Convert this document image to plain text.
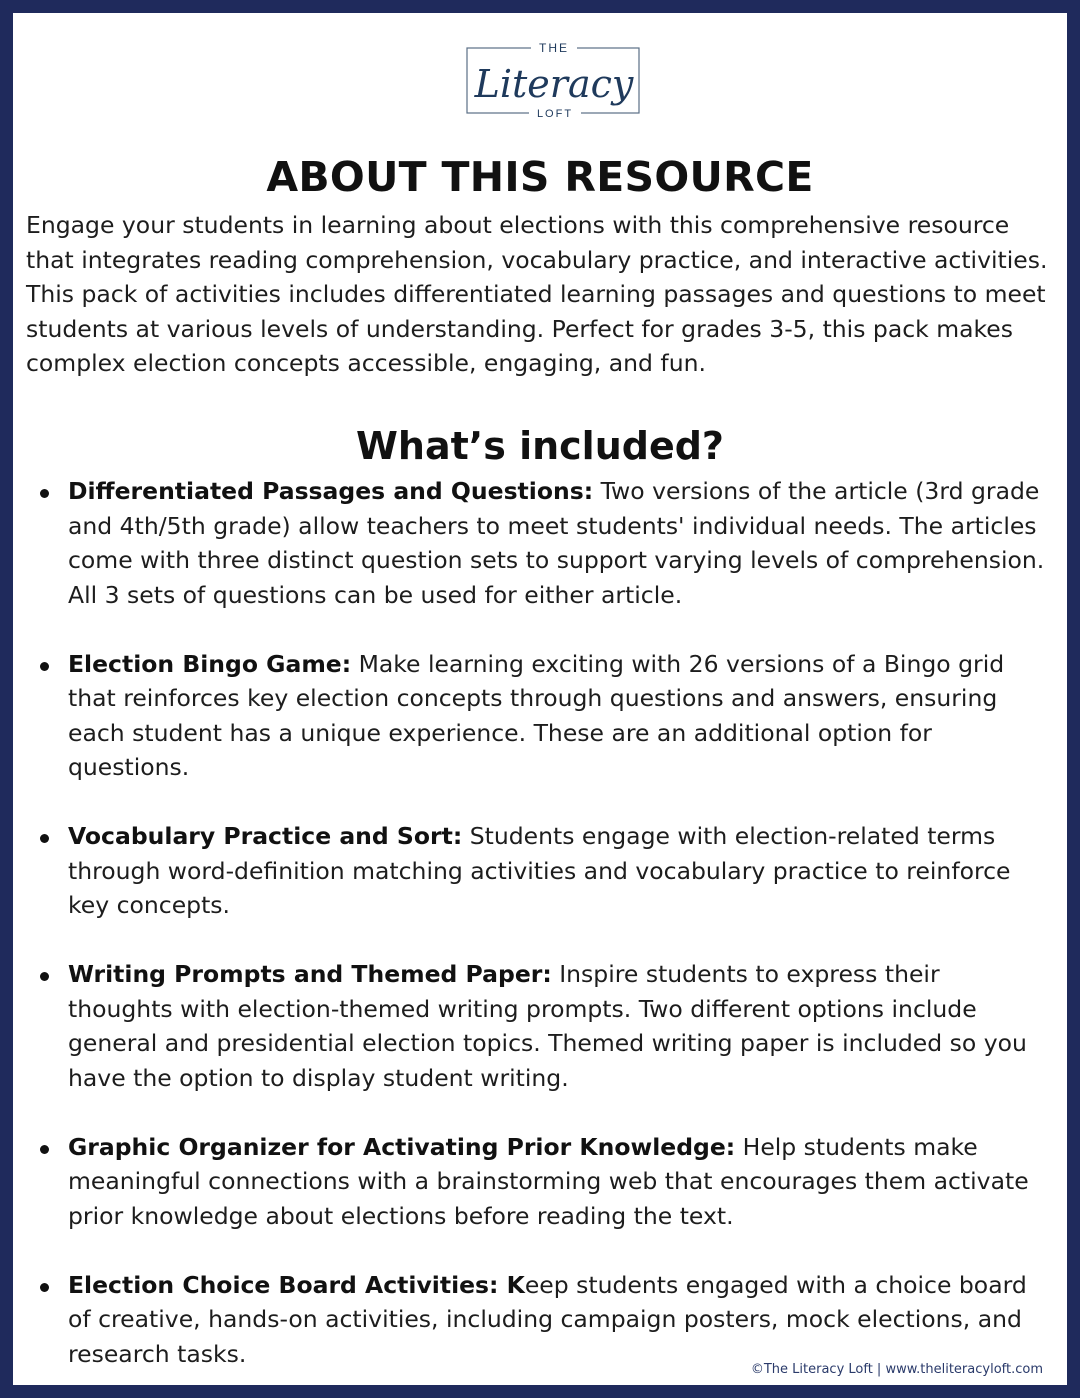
THE
Literacy
LOFT
ABOUT THIS RESOURCE

Engage your students in learning about elections with this comprehensive resource that integrates reading comprehension, vocabulary practice, and interactive activities. This pack of activities includes differentiated learning passages and questions to meet students at various levels of understanding. Perfect for grades 3-5, this pack makes complex election concepts accessible, engaging, and fun.

What’s included?
Differentiated Passages and Questions: Two versions of the article (3rd grade and 4th/5th grade) allow teachers to meet students' individual needs. The articles come with three distinct question sets to support varying levels of comprehension. All 3 sets of questions can be used for either article.
Election Bingo Game: Make learning exciting with 26 versions of a Bingo grid that reinforces key election concepts through questions and answers, ensuring each student has a unique experience. These are an additional option for questions.
Vocabulary Practice and Sort: Students engage with election-related terms through word-definition matching activities and vocabulary practice to reinforce key concepts.
Writing Prompts and Themed Paper: Inspire students to express their thoughts with election-themed writing prompts. Two different options include general and presidential election topics. Themed writing paper is included so you have the option to display student writing.
Graphic Organizer for Activating Prior Knowledge: Help students make meaningful connections with a brainstorming web that encourages them activate prior knowledge about elections before reading the text.
Election Choice Board Activities: Keep students engaged with a choice board of creative, hands-on activities, including campaign posters, mock elections, and research tasks.
©The Literacy Loft | www.theliteracyloft.com
